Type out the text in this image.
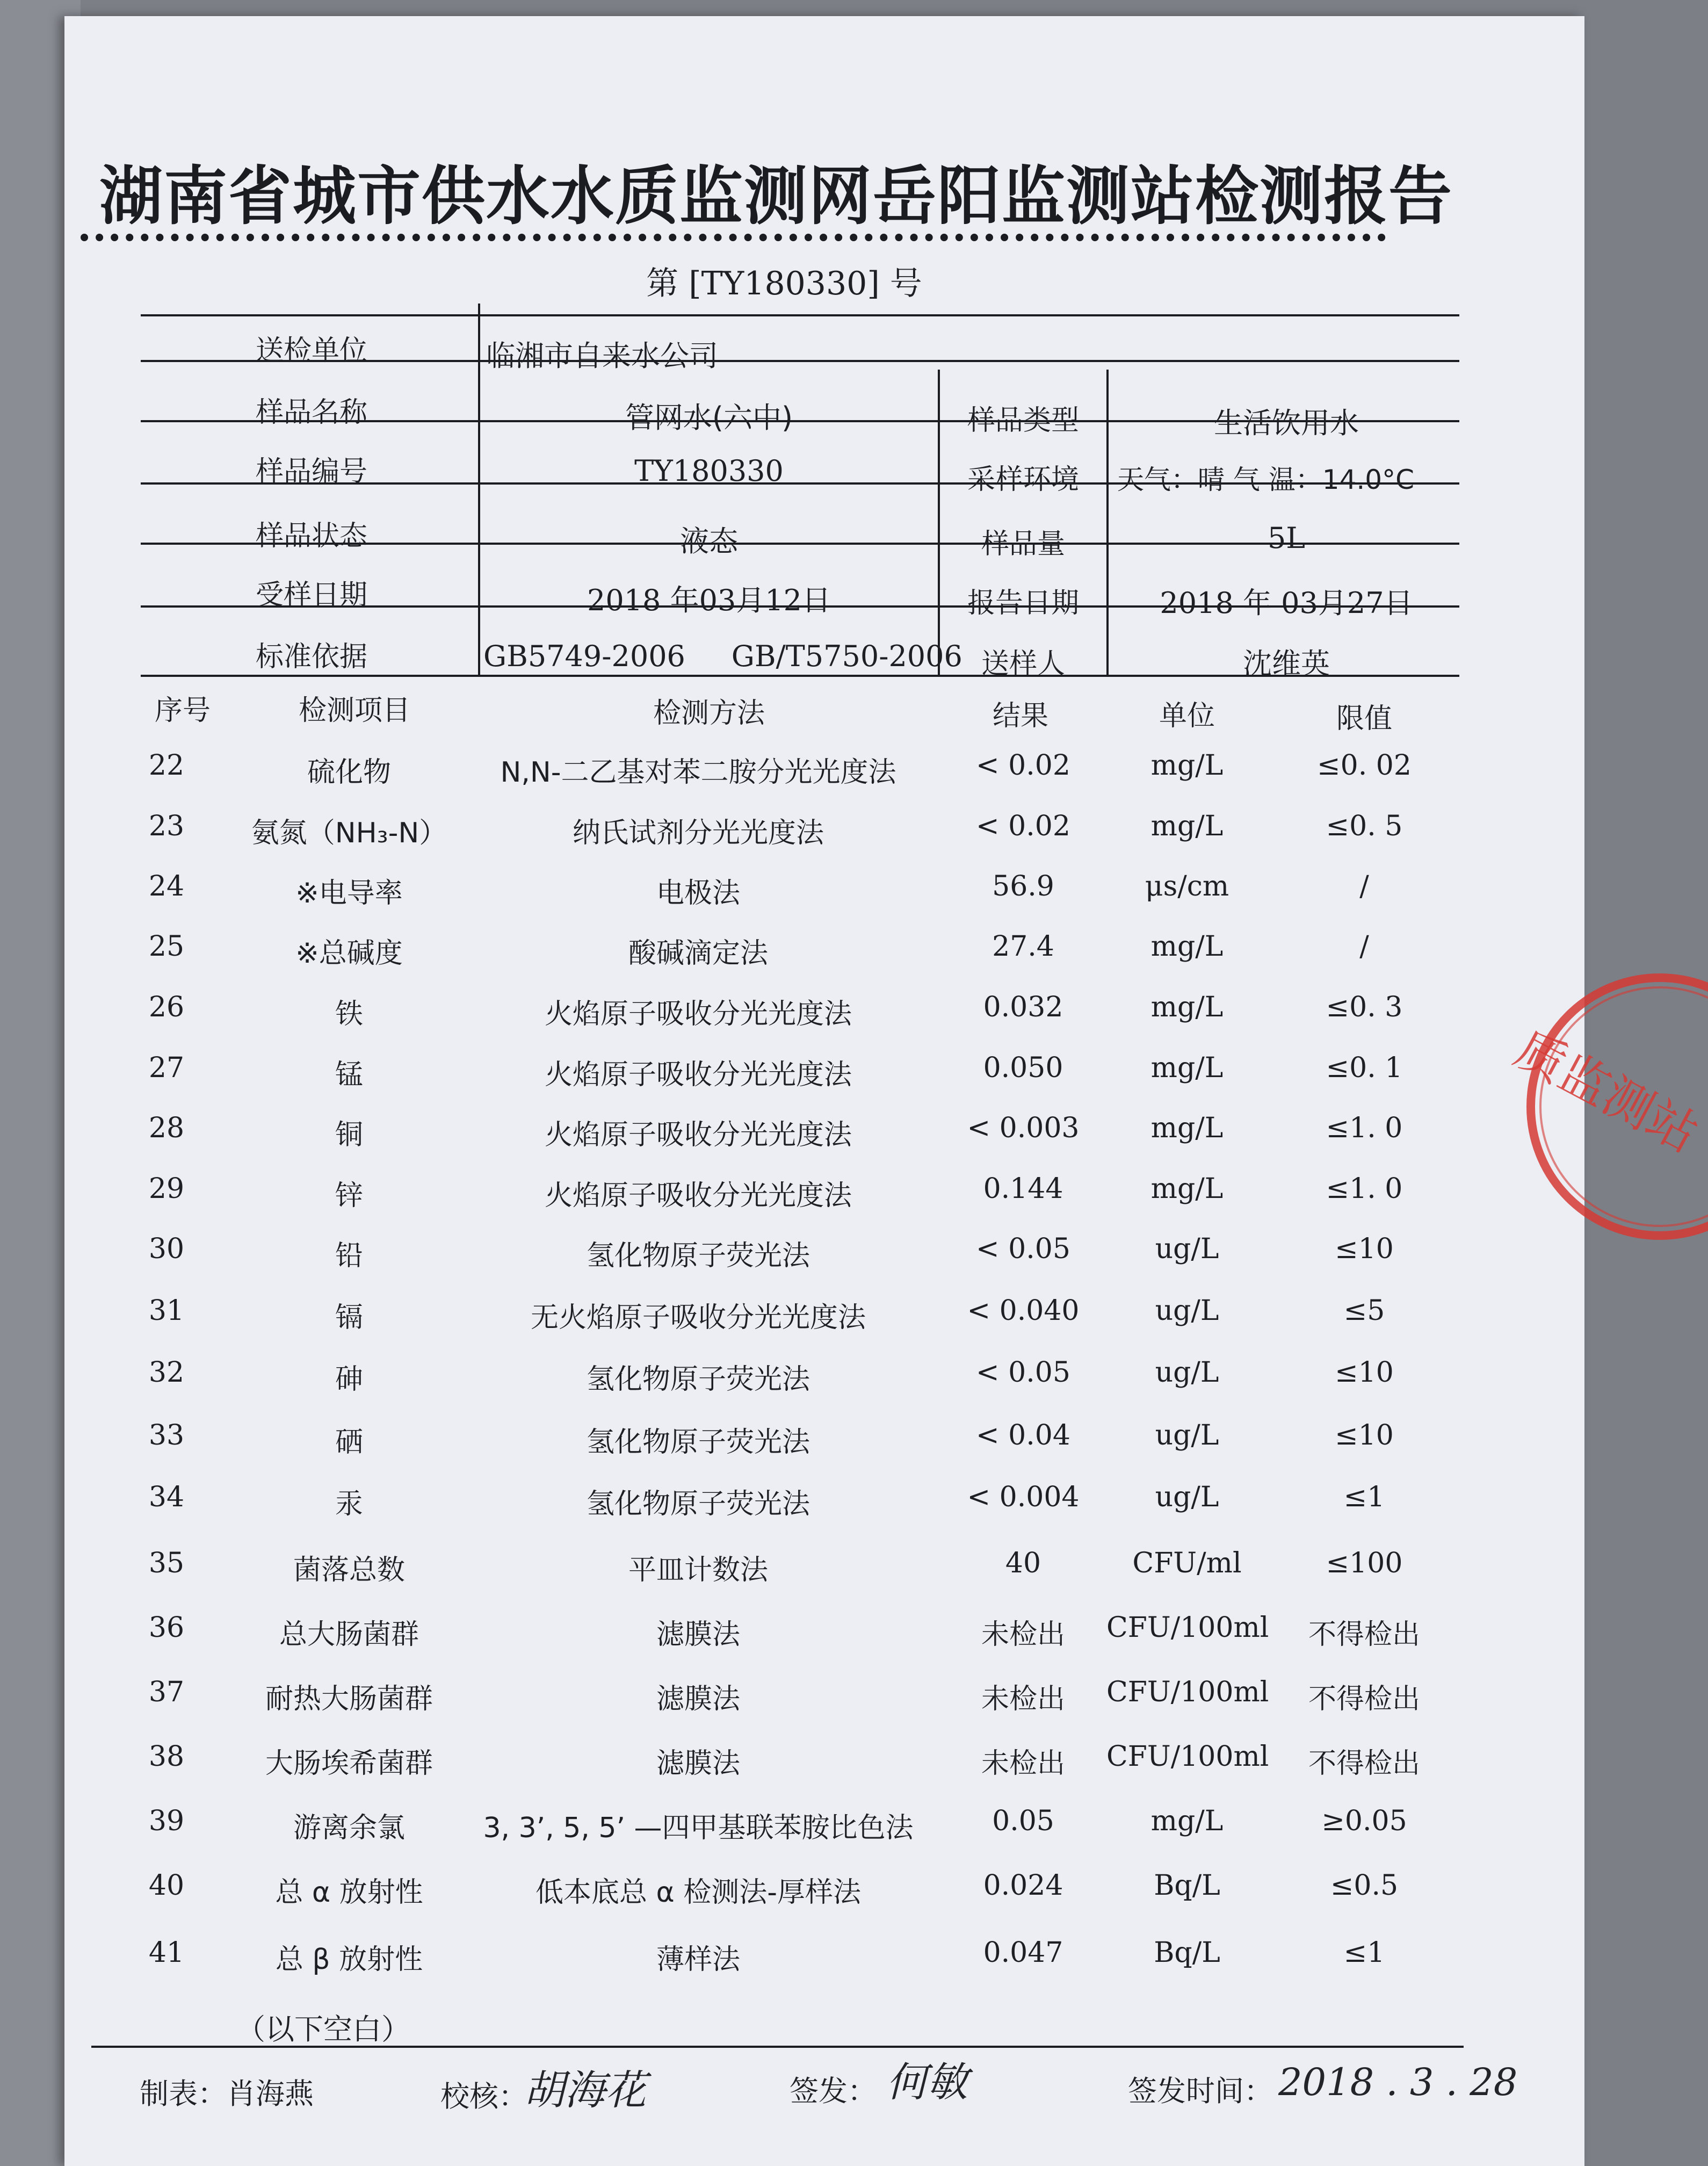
湖南省城市供水水质监测网岳阳监测站检测报告
第 [TY180330] 号
送检单位	临湘市自来水公司
样品名称	管网水(六中)	样品类型	生活饮用水
样品编号	TY180330	采样环境	天气：晴 气 温：14.0°C
样品状态	液态	样品量	5L
受样日期	2018 年03月12日	报告日期	2018 年 03月27日
标准依据	GB5749-2006     GB/T5750-2006 送样人	沈维英
序号	检测项目	检测方法	结果	单位	限值
22	硫化物	N,N-二乙基对苯二胺分光光度法	< 0.02	mg/L	≤0. 02
23	氨氮（NH₃-N）	纳氏试剂分光光度法	< 0.02	mg/L	≤0. 5
24	※电导率	电极法	56.9	μs/cm	/
25	※总碱度	酸碱滴定法	27.4	mg/L	/
26	铁	火焰原子吸收分光光度法	0.032	mg/L	≤0. 3
27	锰	火焰原子吸收分光光度法	0.050	mg/L	≤0. 1
28	铜	火焰原子吸收分光光度法	< 0.003	mg/L	≤1. 0
29	锌	火焰原子吸收分光光度法	0.144	mg/L	≤1. 0
30	铅	氢化物原子荧光法	< 0.05	ug/L	≤10
31	镉	无火焰原子吸收分光光度法	< 0.040	ug/L	≤5
32	砷	氢化物原子荧光法	< 0.05	ug/L	≤10
33	硒	氢化物原子荧光法	< 0.04	ug/L	≤10
34	汞	氢化物原子荧光法	< 0.004	ug/L	≤1
35	菌落总数	平皿计数法	40	CFU/ml	≤100
36	总大肠菌群	滤膜法	未检出	CFU/100ml	不得检出
37	耐热大肠菌群	滤膜法	未检出	CFU/100ml	不得检出
38	大肠埃希菌群	滤膜法	未检出	CFU/100ml	不得检出
39	游离余氯	3, 3’, 5, 5’ —四甲基联苯胺比色法	0.05	mg/L	≥0.05
40	总 α 放射性	低本底总 α 检测法-厚样法	0.024	Bq/L	≤0.5
41	总 β 放射性	薄样法	0.047	Bq/L	≤1
（以下空白）
制表：肖海燕	校核：
胡海花	签发： 何敏	签发时间： 2018 . 3 . 28
质监测站
